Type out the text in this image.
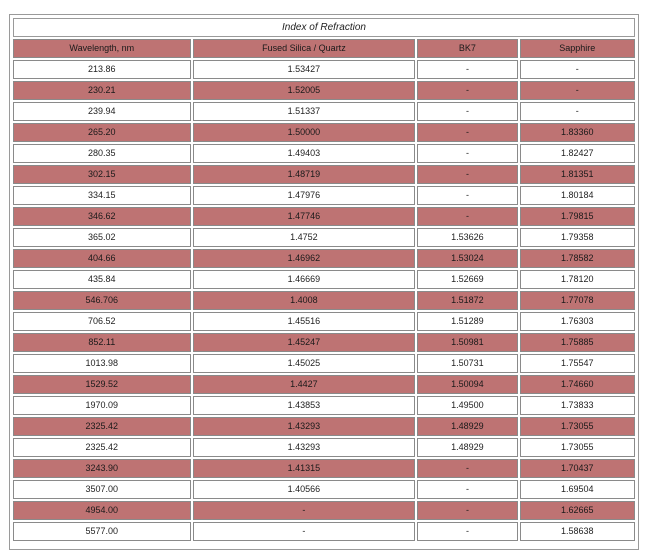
Index of Refraction			
Wavelength, nm	Fused Silica / Quartz	BK7	Sapphire
213.86	1.53427	-	-
230.21	1.52005	-	-
239.94	1.51337	-	-
265.20	1.50000	-	1.83360
280.35	1.49403	-	1.82427
302.15	1.48719	-	1.81351
334.15	1.47976	-	1.80184
346.62	1.47746	-	1.79815
365.02	1.4752	1.53626	1.79358
404.66	1.46962	1.53024	1.78582
435.84	1.46669	1.52669	1.78120
546.706	1.4008	1.51872	1.77078
706.52	1.45516	1.51289	1.76303
852.11	1.45247	1.50981	1.75885
1013.98	1.45025	1.50731	1.75547
1529.52	1.4427	1.50094	1.74660
1970.09	1.43853	1.49500	1.73833
2325.42	1.43293	1.48929	1.73055
2325.42	1.43293	1.48929	1.73055
3243.90	1.41315	-	1.70437
3507.00	1.40566	-	1.69504
4954.00	-	-	1.62665
5577.00	-	-	1.58638
